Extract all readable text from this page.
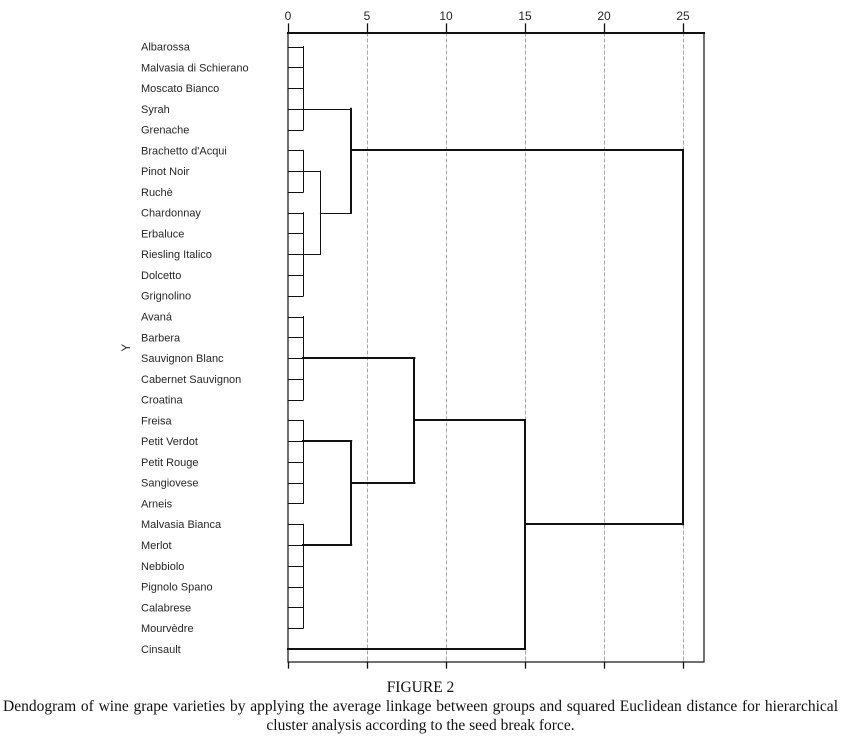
0	5	10	15	20	25
Y
Albarossa
Malvasia di Schierano
Moscato Bianco
Syrah
Grenache
Brachetto d'Acqui
Pinot Noir
Ruchè
Chardonnay
Erbaluce
Riesling Italico
Dolcetto
Grignolino
Avaná
Barbera
Sauvignon Blanc
Cabernet Sauvignon
Croatina
Freisa
Petit Verdot
Petit Rouge
Sangiovese
Arneis
Malvasia Bianca
Merlot
Nebbiolo
Pignolo Spano
Calabrese
Mourvèdre
Cinsault
FIGURE 2
Dendogram of wine grape varieties by applying the average linkage between groups and squared Euclidean distance for hierarchical cluster analysis according to the seed break force.
